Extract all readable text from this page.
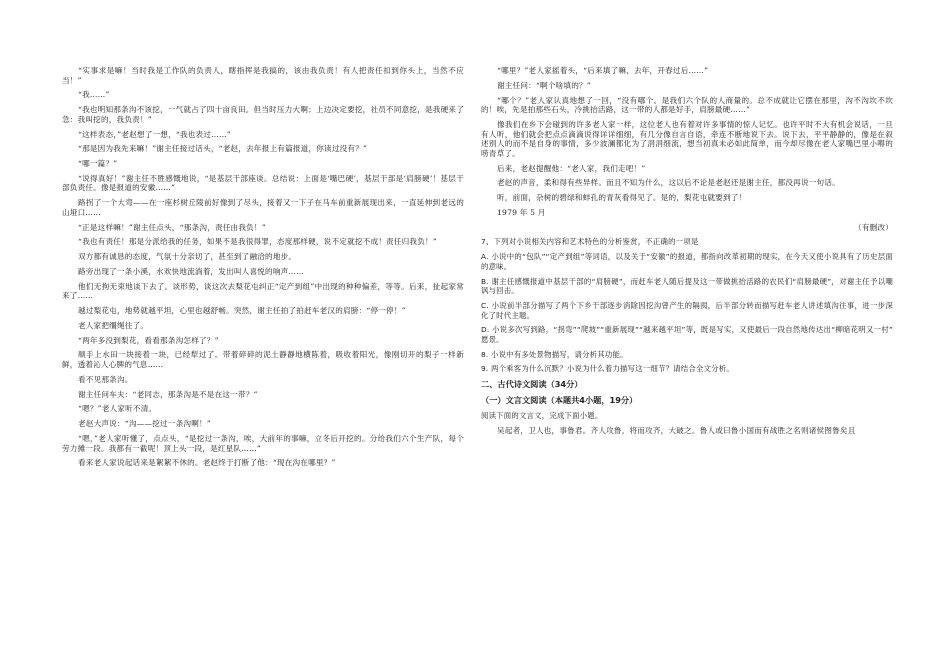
“实事求是嘛！当时我是工作队的负责人，瞎指挥是我搞的，该由我负责！有人把责任扣到你头上，当然不应当！”

“我……”

“我也明知那条沟不该挖，一气就占了四十亩良田。但当时压力大啊；上边决定要挖，社员不同意挖，是我硬来了急：我叫挖的，我负责！”

“这样表态，”老赵想了一想，“我也表过……”

“那是因为我先来嘛！”谢主任接过话头，“老赵，去年报上有篇报道，你读过没有？”

“哪一篇？”

“说得真好！”谢主任不胜感慨地说，“是基层干部座谈。总结说：上面是‘嘴巴硬’，基层干部是‘肩膀硬’！基层干部负责任。像是报道的安徽……”

路拐了一个大弯——在一座杉树丘陵前好像到了尽头，接着又一下子在马车前重新展现出来，一直延伸到老远的山垭口……

“正是这样嘛！”谢主任点头，“那条沟，责任由我负！”

“我也有责任！那是分派给我的任务，如果不是我很得罪，态度那样硬，说不定就挖不成！责任归我负！”

双方都有诚恳的态度，气氛十分亲切了，甚至到了融洽的地步。

路旁出现了一条小溪，水欢快地流淌着，发出叫人喜悦的响声……

他们无拘无束地谈下去了。谈形势，谈这次去梨花屯纠正“定产到组”中出现的种种偏差，等等。后来，扯起家常来了……

越过梨花屯，地势就越平坦，心里也越舒畅。突然，谢主任拍了拍赶车老汉的肩膀：“停一停！”

老人家把缰绳往了。

“两年多没到梨花，看看那条沟怎样了？”

顺手上水田一块接着一块，已经犁过了。带着碎碎的泥土静静地横陈着，吸收着阳光，像刚切开的梨子一样新鲜，透着沁人心脾的气息……

看不见那条沟。

谢主任问车夫：“老同志，那条沟是不是在这一带？”

“嗯？”老人家听不清。

老赵大声说：“沟——挖过一条沟啊！”

“嗯，”老人家听懂了，点点头，“是挖过一条沟，唉，大前年的事嘛，立冬后开挖的。分给我们六个生产队，每个劳力摊一段。我都有一截呢！顶上头一段，是红星队……”

看来老人家说起话来是絮絮不休的。老赵终于打断了他：“现在沟在哪里？”

“哪里？”老人家摇着头，“后来填了嘛，去年，开春过后……”

谢主任问：“啊个啥填的？”

“哪个？”老人家认真地想了一回，“没有哪个。是我们六个队的人商量的。总不成就让它摆在那里，沟不沟坎不坎的！唉，先是拍那些石头，冷挑抬活路，这一带的人都是好手，肩膀最硬……”

像我们在乡下会碰到的许多老人家一样，这位老人也有着对许多事情的惊人记忆。也许平时不大有机会说话，一旦有人听，他们就会把点点滴滴说得详详细细，有几分像自言自语，牵连不断地说下去。说下去，平平静静的，像是在叙述别人的而不是自身的事情，多少波澜都化为了涓涓细流，想当初真未必如此简单，而今却尽像在老人家嘴巴里小嘚的唠青草了。

后来，老赵提醒他：“老人家，我们走吧！”

老赵的声音，柔和得有些异样。而且不知为什么，这以后不论是老赵还是谢主任，都没再说一句话。

听，前面，杂树的碧绿和蚌孔的青灰看得见了。是的，梨花屯就要到了！

1979 年 5 月

（有删改）

7、下列对小说相关内容和艺术特色的分析鉴赏，不正确的一项是

A. 小说中的“包队”“定产到组”等词语，以及关于“安徽”的报道，都指向改革初期的现实，在今天又使小说具有了历史层面的意味。

B. 谢主任感慨报道中基层干部的“肩膀硬”，而赶车老人随后提及这一带做挑抬活路的农民们“肩膀最硬”，对谢主任予以嘲讽与回击。

C. 小说前半部分描写了两个下乡干部逐步消除因挖沟曾产生的隔阂，后半部分转而描写赶车老人讲述填沟往事，进一步深化了时代主题。

D. 小说多次写到路，“拐弯”“爬坡”“重新展现”“越来越平坦”等，既是写实，又使最后一段自然地传达出“柳暗花明又一村” 愿景。

8. 小说中有多处景物描写，请分析其功能。

9. 两个乘客为什么沉默？小说为什么着力描写这一细节？请结合全文分析。

二、古代诗文阅读（34分）
（一）文言文阅读（本题共4小题，19分）

阅读下面的文言文，完成下面小题。

吴起者，卫人也，事鲁君。齐人攻鲁，将而攻齐，大破之。鲁人或曰鲁小国而有战胜之名则诸侯图鲁矣且
